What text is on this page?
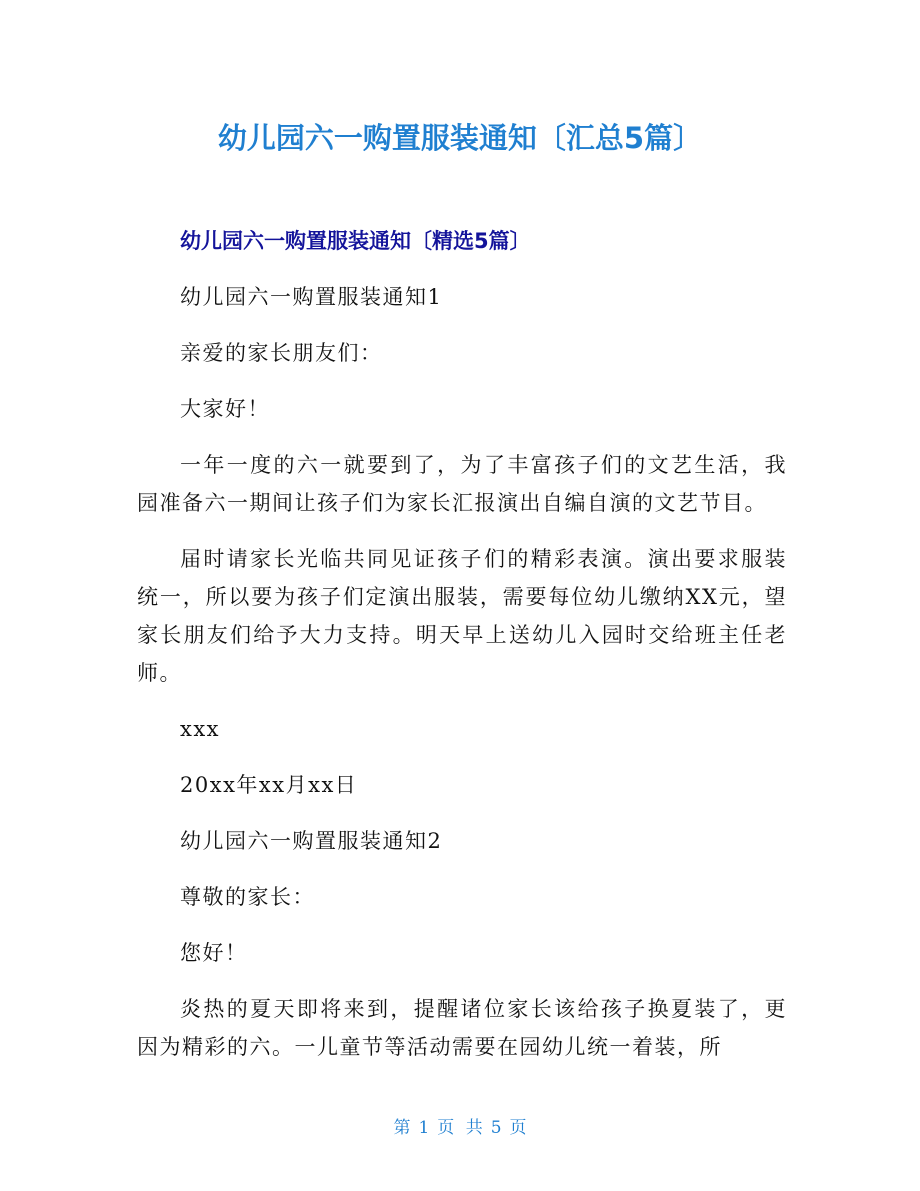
幼儿园六一购置服装通知〔汇总5篇〕
幼儿园六一购置服装通知〔精选5篇〕

幼儿园六一购置服装通知1

亲爱的家长朋友们：

大家好！

一年一度的六一就要到了，为了丰富孩子们的文艺生活，我园准备六一期间让孩子们为家长汇报演出自编自演的文艺节目。

届时请家长光临共同见证孩子们的精彩表演。演出要求服装统一，所以要为孩子们定演出服装，需要每位幼儿缴纳XX元，望家长朋友们给予大力支持。明天早上送幼儿入园时交给班主任老师。

xxx

20xx年xx月xx日

幼儿园六一购置服装通知2

尊敬的家长：

您好！

炎热的夏天即将来到，提醒诸位家长该给孩子换夏装了，更因为精彩的六。一儿童节等活动需要在园幼儿统一着装，所

第 1 页 共 5 页
